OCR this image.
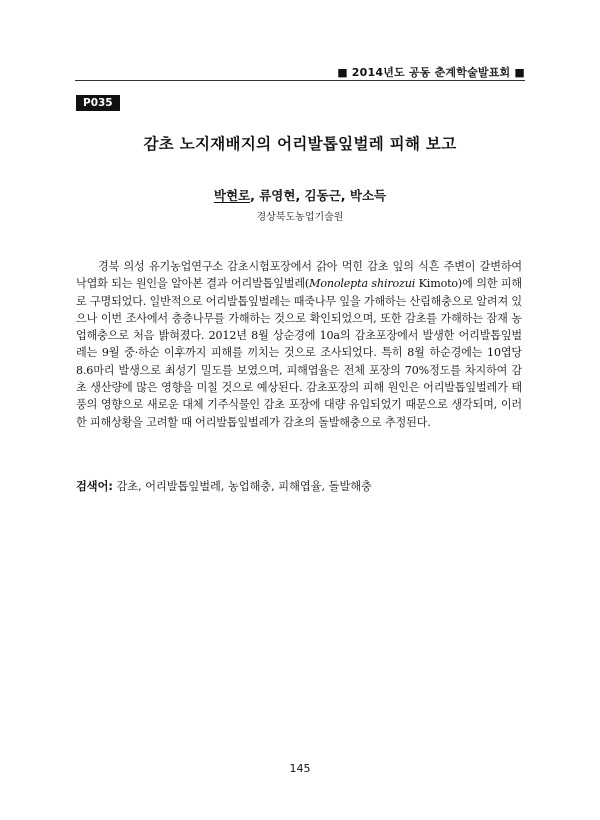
■ 2014년도 공동 춘계학술발표회 ■
P035
감초 노지재배지의 어리발톱잎벌레 피해 보고
박현로, 류영현, 김동근, 박소득
경상북도농업기술원

경북 의성 유기농업연구소 감초시험포장에서 갉아 먹힌 감초 잎의 식흔 주변이 갈변하여 낙엽화 되는 원인을 알아본 결과 어리발톱잎벌레(Monolepta shirozui Kimoto)에 의한 피해로 구명되었다. 일반적으로 어리발톱잎벌레는 때죽나무 잎을 가해하는 산림해충으로 알려져 있으나 이번 조사에서 층층나무를 가해하는 것으로 확인되었으며, 또한 감초를 가해하는 잠재 농업해충으로 처음 밝혀졌다. 2012년 8월 상순경에 10a의 감초포장에서 발생한 어리발톱잎벌레는 9월 중·하순 이후까지 피해를 끼치는 것으로 조사되었다. 특히 8월 하순경에는 10엽당 8.6마리 발생으로 최성기 밀도를 보였으며, 피해엽율은 전체 포장의 70%정도를 차지하여 감초 생산량에 많은 영향을 미칠 것으로 예상된다. 감초포장의 피해 원인은 어리발톱잎벌레가 태풍의 영향으로 새로운 대체 기주식물인 감초 포장에 대량 유입되었기 때문으로 생각되며, 이러한 피해상황을 고려할 때 어리발톱잎벌레가 감초의 돌발해충으로 추정된다.

검색어: 감초, 어리발톱잎벌레, 농업해충, 피해엽율, 돌발해충
145
